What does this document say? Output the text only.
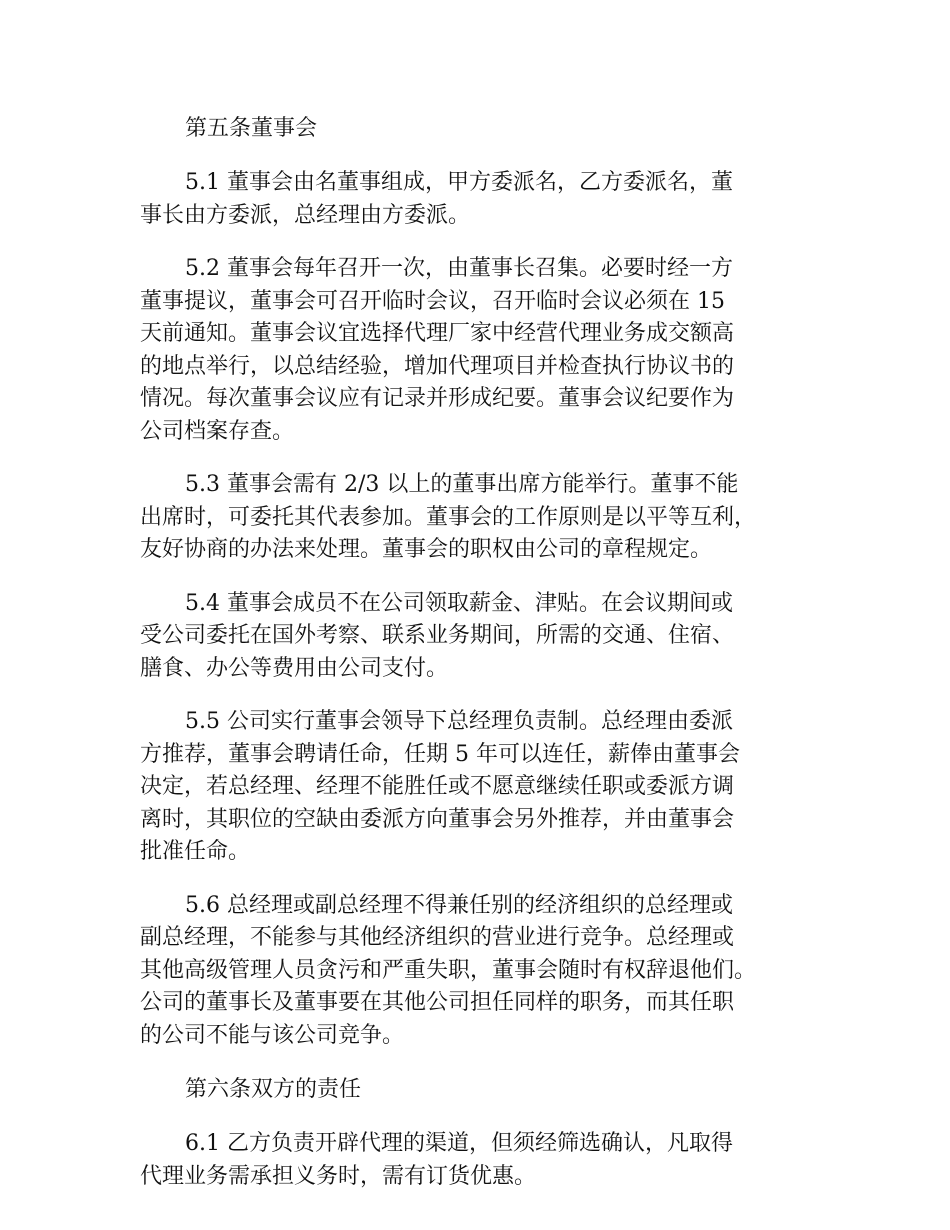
第五条董事会
5.1 董事会由名董事组成，甲方委派名，乙方委派名，董
事长由方委派，总经理由方委派。
5.2 董事会每年召开一次，由董事长召集。必要时经一方
董事提议，董事会可召开临时会议，召开临时会议必须在 15
天前通知。董事会议宜选择代理厂家中经营代理业务成交额高
的地点举行，以总结经验，增加代理项目并检查执行协议书的
情况。每次董事会议应有记录并形成纪要。董事会议纪要作为
公司档案存查。
5.3 董事会需有 2/3 以上的董事出席方能举行。董事不能
出席时，可委托其代表参加。董事会的工作原则是以平等互利，
友好协商的办法来处理。董事会的职权由公司的章程规定。
5.4 董事会成员不在公司领取薪金、津贴。在会议期间或
受公司委托在国外考察、联系业务期间，所需的交通、住宿、
膳食、办公等费用由公司支付。
5.5 公司实行董事会领导下总经理负责制。总经理由委派
方推荐，董事会聘请任命，任期 5 年可以连任，薪俸由董事会
决定，若总经理、经理不能胜任或不愿意继续任职或委派方调
离时，其职位的空缺由委派方向董事会另外推荐，并由董事会
批准任命。
5.6 总经理或副总经理不得兼任别的经济组织的总经理或
副总经理，不能参与其他经济组织的营业进行竞争。总经理或
其他高级管理人员贪污和严重失职，董事会随时有权辞退他们。
公司的董事长及董事要在其他公司担任同样的职务，而其任职
的公司不能与该公司竞争。
第六条双方的责任
6.1 乙方负责开辟代理的渠道，但须经筛选确认，凡取得
代理业务需承担义务时，需有订货优惠。
